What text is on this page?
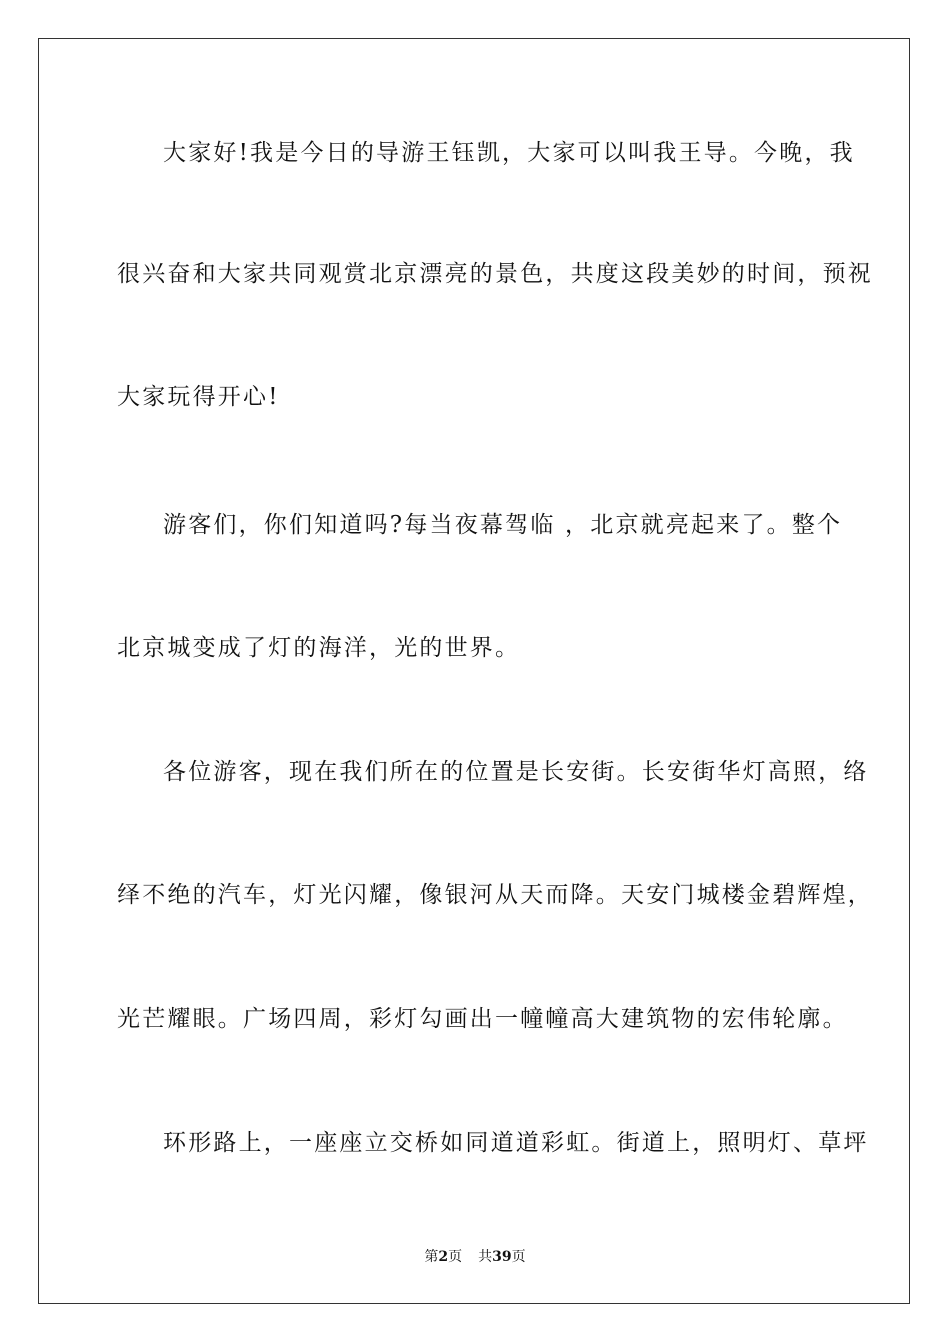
大家好!我是今日的导游王钰凯，大家可以叫我王导。今晚，我
很兴奋和大家共同观赏北京漂亮的景色，共度这段美妙的时间，预祝
大家玩得开心!
游客们，你们知道吗?每当夜幕驾临 ，北京就亮起来了。整个
北京城变成了灯的海洋，光的世界。
各位游客，现在我们所在的位置是长安街。长安街华灯高照，络
绎不绝的汽车，灯光闪耀，像银河从天而降。天安门城楼金碧辉煌，
光芒耀眼。广场四周，彩灯勾画出一幢幢高大建筑物的宏伟轮廓。
环形路上，一座座立交桥如同道道彩虹。街道上，照明灯、草坪
第2页 共39页
